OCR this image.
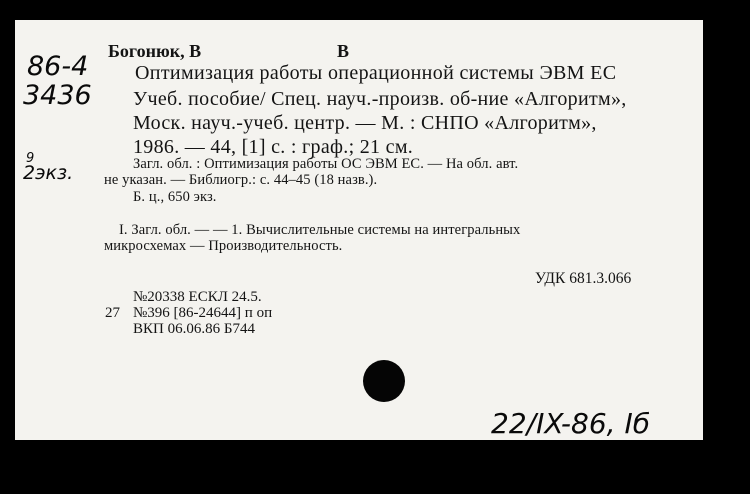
86-4
3436
9
2экз.
Богонюк, В	В
Оптимизация работы операционной системы ЭВМ ЕС
Учеб. пособие/ Спец. науч.-произв. об-ние «Алгоритм»,
Моск. науч.-учеб. центр. — М. : СНПО «Алгоритм»,
1986. — 44, [1] с. : граф.; 21 см.
Загл. обл. : Оптимизация работы ОС ЭВМ ЕС. — На обл. авт.
не указан. — Библиогр.: с. 44–45 (18 назв.).
Б. ц., 650 экз.
I. Загл. обл. — — 1. Вычислительные системы на интегральных
микросхемах — Производительность.
УДК 681.3.066
№20338 ЕСКЛ 24.5.
27 №396 [86-24644] п оп
ВКП 06.06.86 Б744
22/IX-86, Iб
